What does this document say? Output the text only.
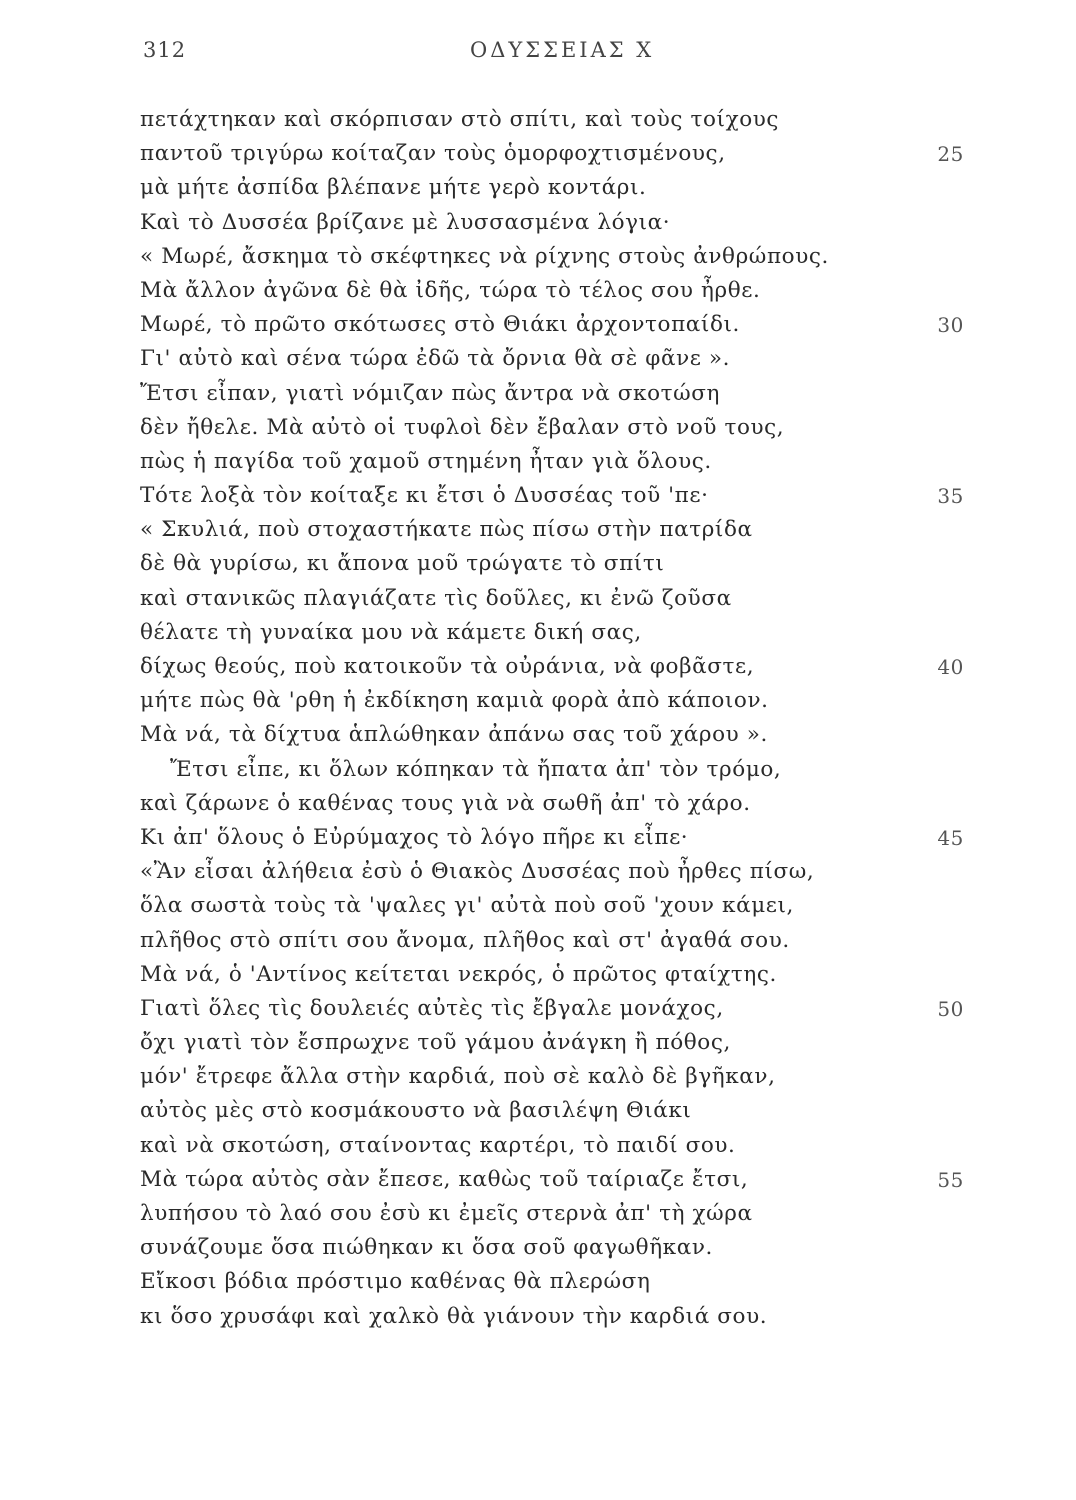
312	ΟΔΥΣΣΕΙΑΣ Χ
πετάχτηκαν καὶ σκόρπισαν στὸ σπίτι, καὶ τοὺς τοίχους
παντοῦ τριγύρω κοίταζαν τοὺς ὁμορφοχτισμένους,	25
μὰ μήτε ἀσπίδα βλέπανε μήτε γερὸ κοντάρι.
Καὶ τὸ Δυσσέα βρίζανε μὲ λυσσασμένα λόγια·
« Μωρέ, ἄσκημα τὸ σκέφτηκες νὰ ρίχνης στοὺς ἀνθρώπους.
Μὰ ἄλλον ἀγῶνα δὲ θὰ ἰδῆς, τώρα τὸ τέλος σου ἦρθε.
Μωρέ, τὸ πρῶτο σκότωσες στὸ Θιάκι ἀρχοντοπαίδι.	30
Γι' αὐτὸ καὶ σένα τώρα ἐδῶ τὰ ὄρνια θὰ σὲ φᾶνε ».
Ἔτσι εἶπαν, γιατὶ νόμιζαν πὼς ἄντρα νὰ σκοτώση
δὲν ἤθελε. Μὰ αὐτὸ οἱ τυφλοὶ δὲν ἔβαλαν στὸ νοῦ τους,
πὼς ἡ παγίδα τοῦ χαμοῦ στημένη ἦταν γιὰ ὅλους.
Τότε λοξὰ τὸν κοίταξε κι ἔτσι ὁ Δυσσέας τοῦ 'πε·	35
« Σκυλιά, ποὺ στοχαστήκατε πὼς πίσω στὴν πατρίδα
δὲ θὰ γυρίσω, κι ἄπονα μοῦ τρώγατε τὸ σπίτι
καὶ στανικῶς πλαγιάζατε τὶς δοῦλες, κι ἐνῶ ζοῦσα
θέλατε τὴ γυναίκα μου νὰ κάμετε δική σας,
δίχως θεούς, ποὺ κατοικοῦν τὰ οὐράνια, νὰ φοβᾶστε,	40
μήτε πὼς θὰ 'ρθη ἡ ἐκδίκηση καμιὰ φορὰ ἀπὸ κάποιον.
Μὰ νά, τὰ δίχτυα ἁπλώθηκαν ἀπάνω σας τοῦ χάρου ».
Ἔτσι εἶπε, κι ὅλων κόπηκαν τὰ ἤπατα ἀπ' τὸν τρόμο,
καὶ ζάρωνε ὁ καθένας τους γιὰ νὰ σωθῆ ἀπ' τὸ χάρο.
Κι ἀπ' ὅλους ὁ Εὐρύμαχος τὸ λόγο πῆρε κι εἶπε·	45
«Ἂν εἶσαι ἀλήθεια ἐσὺ ὁ Θιακὸς Δυσσέας ποὺ ἦρθες πίσω,
ὅλα σωστὰ τοὺς τὰ 'ψαλες γι' αὐτὰ ποὺ σοῦ 'χουν κάμει,
πλῆθος στὸ σπίτι σου ἄνομα, πλῆθος καὶ στ' ἀγαθά σου.
Μὰ νά, ὁ 'Αντίνος κείτεται νεκρός, ὁ πρῶτος φταίχτης.
Γιατὶ ὅλες τὶς δουλειές αὐτὲς τὶς ἔβγαλε μονάχος,	50
ὄχι γιατὶ τὸν ἔσπρωχνε τοῦ γάμου ἀνάγκη ἢ πόθος,
μόν' ἔτρεφε ἄλλα στὴν καρδιά, ποὺ σὲ καλὸ δὲ βγῆκαν,
αὐτὸς μὲς στὸ κοσμάκουστο νὰ βασιλέψη Θιάκι
καὶ νὰ σκοτώση, σταίνοντας καρτέρι, τὸ παιδί σου.
Μὰ τώρα αὐτὸς σὰν ἔπεσε, καθὼς τοῦ ταίριαζε ἔτσι,	55
λυπήσου τὸ λαό σου ἐσὺ κι ἐμεῖς στερνὰ ἀπ' τὴ χώρα
συνάζουμε ὅσα πιώθηκαν κι ὅσα σοῦ φαγωθῆκαν.
Εἴκοσι βόδια πρόστιμο καθένας θὰ πλερώση
κι ὅσο χρυσάφι καὶ χαλκὸ θὰ γιάνουν τὴν καρδιά σου.
